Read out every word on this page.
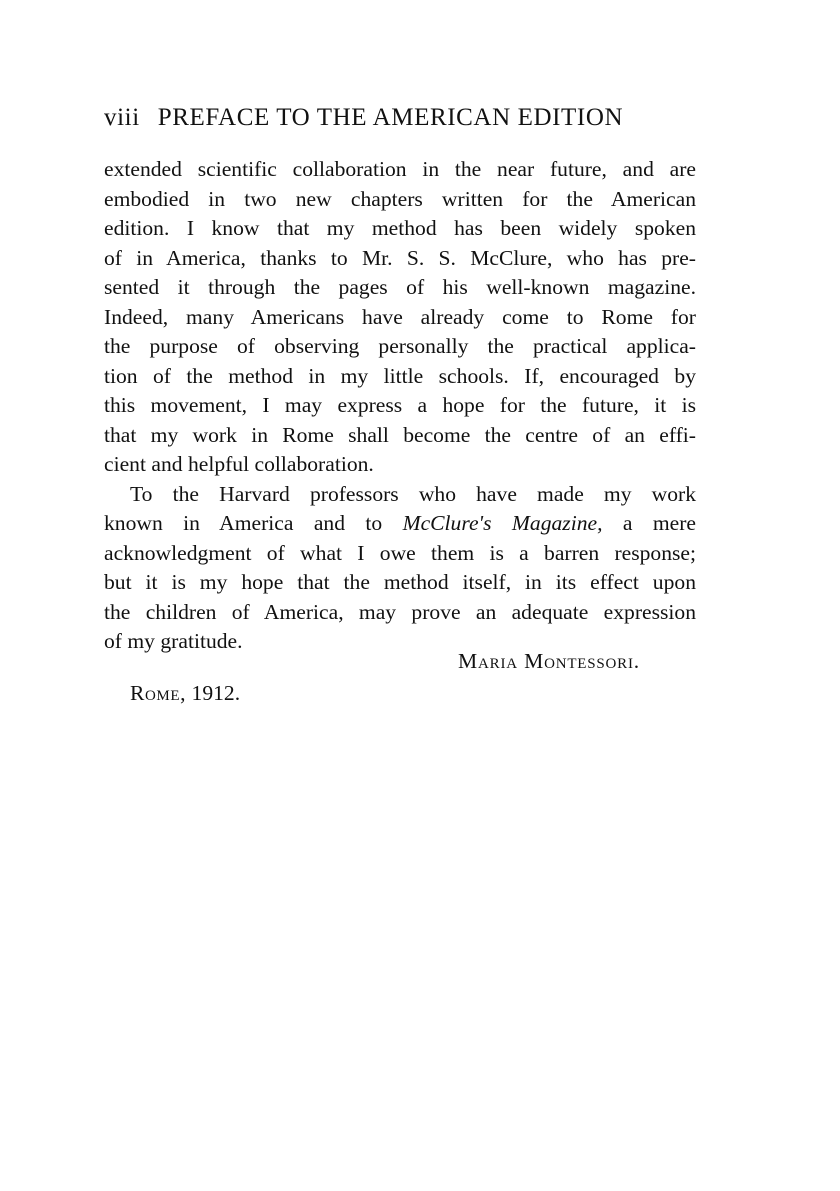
viii PREFACE TO THE AMERICAN EDITION
extended scientific collaboration in the near future, and are
embodied in two new chapters written for the American
edition. I know that my method has been widely spoken
of in America, thanks to Mr. S. S. McClure, who has pre-
sented it through the pages of his well-known magazine.
Indeed, many Americans have already come to Rome for
the purpose of observing personally the practical applica-
tion of the method in my little schools. If, encouraged by
this movement, I may express a hope for the future, it is
that my work in Rome shall become the centre of an effi-
cient and helpful collaboration.
To the Harvard professors who have made my work
known in America and to McClure's Magazine, a mere
acknowledgment of what I owe them is a barren response;
but it is my hope that the method itself, in its effect upon
the children of America, may prove an adequate expression
of my gratitude.
Maria Montessori.
Rome, 1912.
